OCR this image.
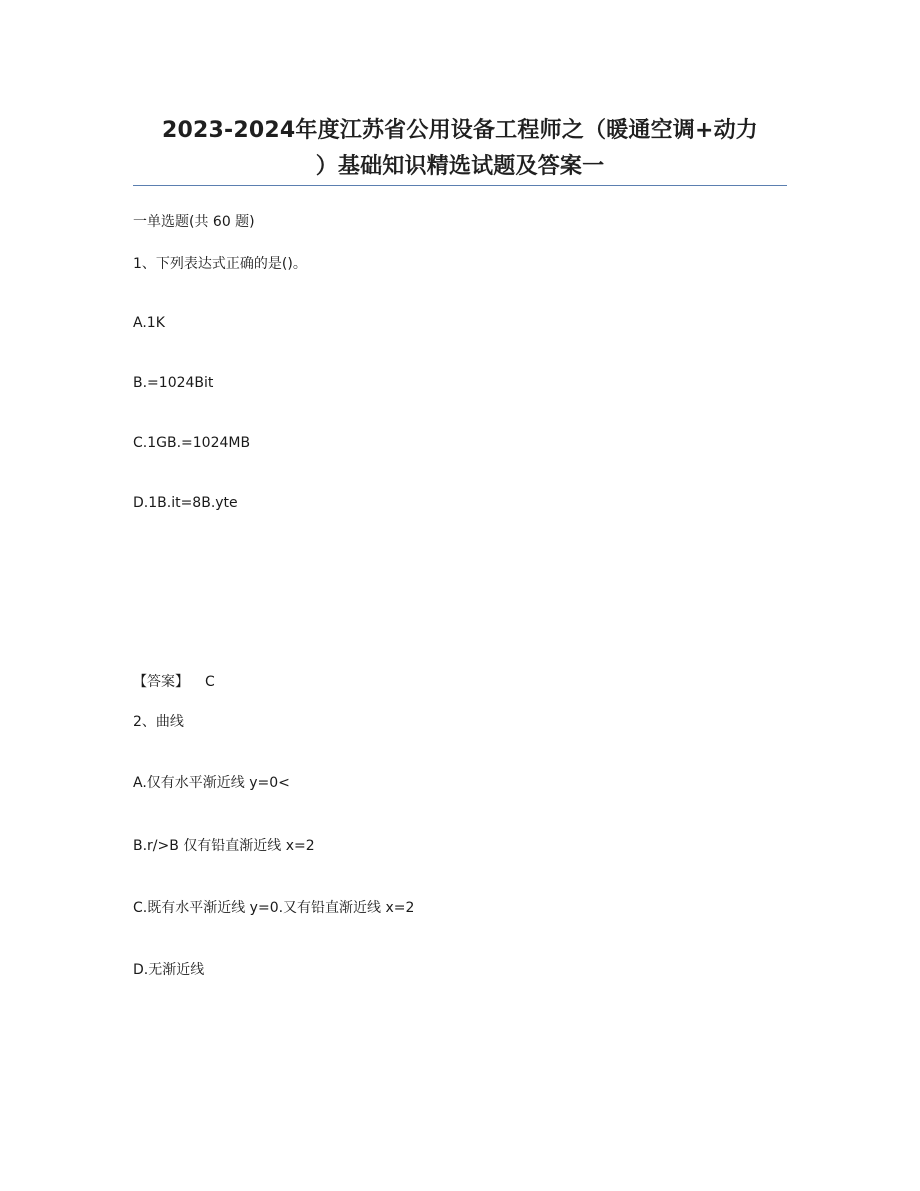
2023-2024年度江苏省公用设备工程师之（暖通空调+动力
）基础知识精选试题及答案一
一单选题(共 60 题)
1、下列表达式正确的是()。
A.1K
B.=1024Bit
C.1GB.=1024MB
D.1B.it=8B.yte
【答案】 C
2、曲线
A.仅有水平渐近线 y=0<
B.r/>B 仅有铅直渐近线 x=2
C.既有水平渐近线 y=0.又有铅直渐近线 x=2
D.无渐近线
